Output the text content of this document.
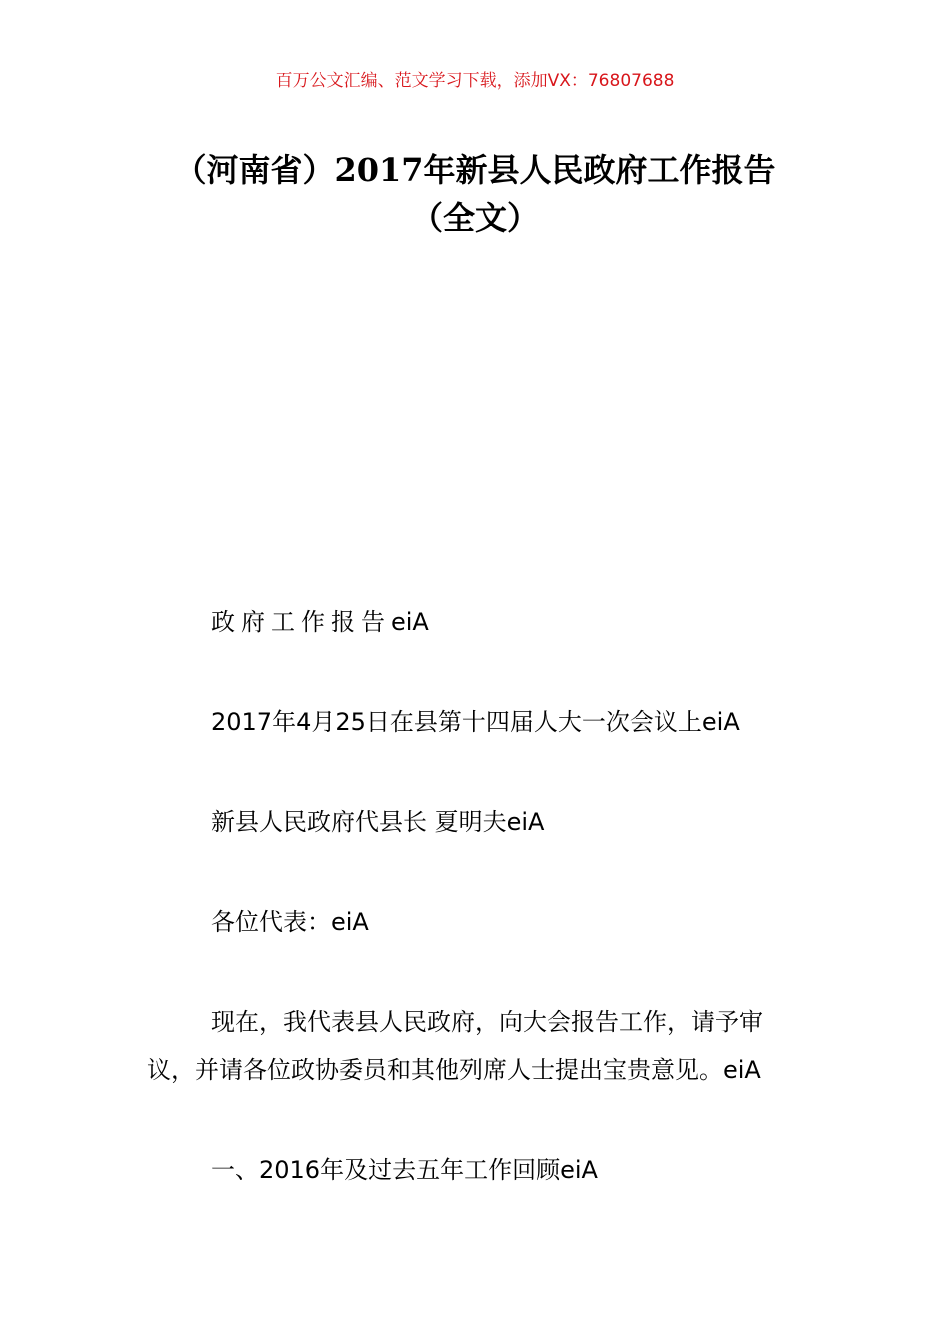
百万公文汇编、范文学习下载，添加VX：76807688
（河南省）2017年新县人民政府工作报告
（全文）
政府工作报告eiA
2017年4月25日在县第十四届人大一次会议上eiA
新县人民政府代县长 夏明夫eiA
各位代表：eiA
现在，我代表县人民政府，向大会报告工作，请予审议，并请各位政协委员和其他列席人士提出宝贵意见。eiA
一、2016年及过去五年工作回顾eiA
